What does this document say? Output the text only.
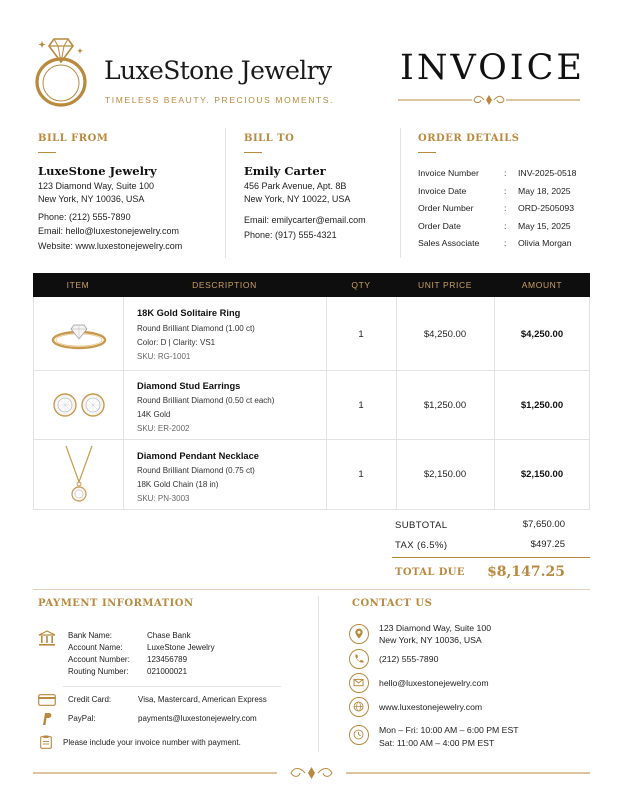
LuxeStone Jewelry
TIMELESS BEAUTY. PRECIOUS MOMENTS.
INVOICE
BILL FROM
LuxeStone Jewelry
123 Diamond Way, Suite 100
New York, NY 10036, USA
Phone: (212) 555-7890
Email: hello@luxestonejewelry.com
Website: www.luxestonejewelry.com
BILL TO
Emily Carter
456 Park Avenue, Apt. 8B
New York, NY 10022, USA
Email: emilycarter@email.com
Phone: (917) 555-4321
ORDER DETAILS
Invoice Number	: INV-2025-0518
Invoice Date	: May 18, 2025
Order Number	: ORD-2505093
Order Date	: May 15, 2025
Sales Associate	: Olivia Morgan
ITEM	DESCRIPTION	QTY	UNIT PRICE	AMOUNT
18K Gold Solitaire Ring
Round Brilliant Diamond (1.00 ct)
Color: D | Clarity: VS1
SKU: RG-1001
1	$4,250.00	$4,250.00
Diamond Stud Earrings
Round Brilliant Diamond (0.50 ct each)
14K Gold
SKU: ER-2002
1	$1,250.00	$1,250.00
Diamond Pendant Necklace
Round Brilliant Diamond (0.75 ct)
18K Gold Chain (18 in)
SKU: PN-3003
1	$2,150.00	$2,150.00
SUBTOTAL	$7,650.00
TAX (6.5%)	$497.25
TOTAL DUE $8,147.25
PAYMENT INFORMATION
Bank Name:	Chase Bank
Account Name:	LuxeStone Jewelry
Account Number: 123456789
Routing Number: 021000021
Credit Card:	Visa, Mastercard, American Express
PayPal:	payments@luxestonejewelry.com
Please include your invoice number with payment.
CONTACT US
123 Diamond Way, Suite 100
New York, NY 10036, USA
(212) 555-7890
hello@luxestonejewelry.com
www.luxestonejewelry.com
Mon – Fri: 10:00 AM – 6:00 PM EST
Sat: 11:00 AM – 4:00 PM EST
